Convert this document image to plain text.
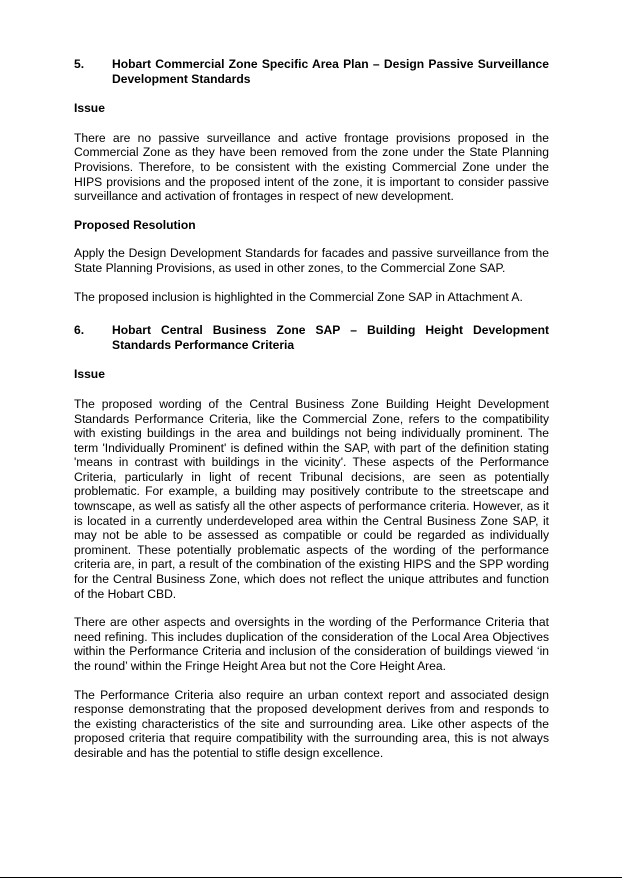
5.	Hobart Commercial Zone Specific Area Plan – Design Passive Surveillance Development Standards
Issue

There are no passive surveillance and active frontage provisions proposed in the Commercial Zone as they have been removed from the zone under the State Planning Provisions. Therefore, to be consistent with the existing Commercial Zone under the HIPS provisions and the proposed intent of the zone, it is important to consider passive surveillance and activation of frontages in respect of new development.

Proposed Resolution

Apply the Design Development Standards for facades and passive surveillance from the State Planning Provisions, as used in other zones, to the Commercial Zone SAP.

The proposed inclusion is highlighted in the Commercial Zone SAP in Attachment A.

6.	Hobart Central Business Zone SAP – Building Height Development Standards Performance Criteria
Issue

The proposed wording of the Central Business Zone Building Height Development Standards Performance Criteria, like the Commercial Zone, refers to the compatibility with existing buildings in the area and buildings not being individually prominent. The term 'Individually Prominent' is defined within the SAP, with part of the definition stating 'means in contrast with buildings in the vicinity'. These aspects of the Performance Criteria, particularly in light of recent Tribunal decisions, are seen as potentially problematic. For example, a building may positively contribute to the streetscape and townscape, as well as satisfy all the other aspects of performance criteria. However, as it is located in a currently underdeveloped area within the Central Business Zone SAP, it may not be able to be assessed as compatible or could be regarded as individually prominent. These potentially problematic aspects of the wording of the performance criteria are, in part, a result of the combination of the existing HIPS and the SPP wording for the Central Business Zone, which does not reflect the unique attributes and function of the Hobart CBD.

There are other aspects and oversights in the wording of the Performance Criteria that need refining. This includes duplication of the consideration of the Local Area Objectives within the Performance Criteria and inclusion of the consideration of buildings viewed ‘in the round’ within the Fringe Height Area but not the Core Height Area.

The Performance Criteria also require an urban context report and associated design response demonstrating that the proposed development derives from and responds to the existing characteristics of the site and surrounding area. Like other aspects of the proposed criteria that require compatibility with the surrounding area, this is not always desirable and has the potential to stifle design excellence.
